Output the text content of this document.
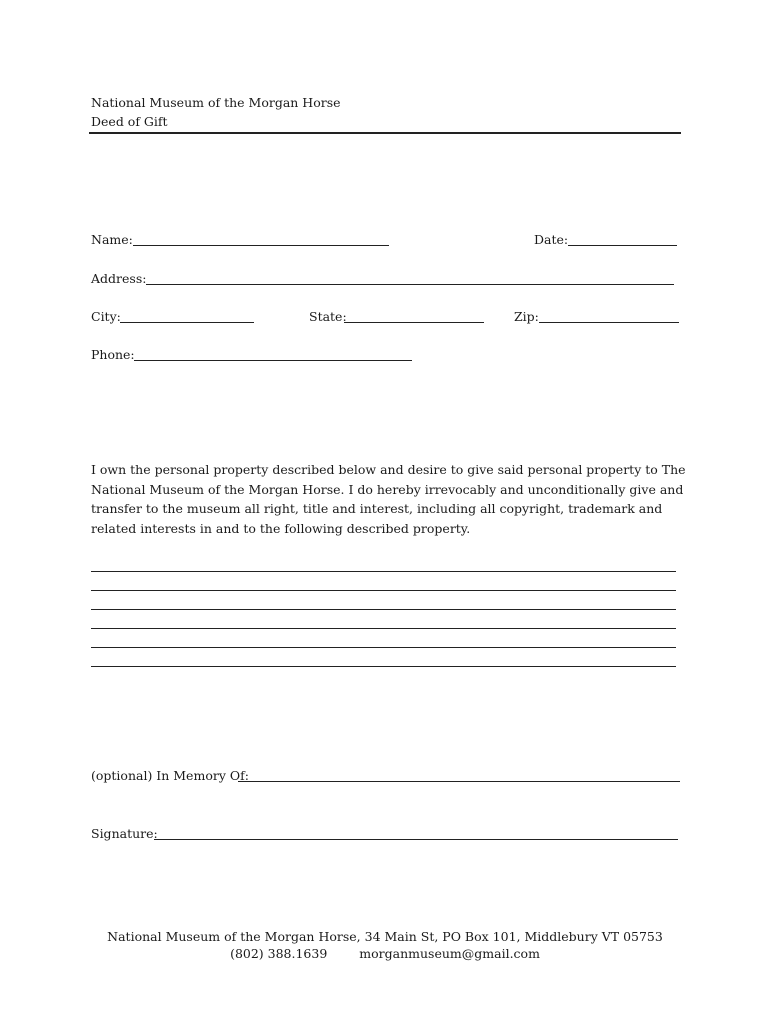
National Museum of the Morgan Horse
Deed of Gift
Name:	Date:
Address:
City:	State:	Zip:
Phone:
I own the personal property described below and desire to give said personal property to The National Museum of the Morgan Horse. I do hereby irrevocably and unconditionally give and transfer to the museum all right, title and interest, including all copyright, trademark and related interests in and to the following described property.
(optional) In Memory Of:
Signature:
National Museum of the Morgan Horse, 34 Main St, PO Box 101, Middlebury VT 05753
(802) 388.1639	morganmuseum@gmail.com
